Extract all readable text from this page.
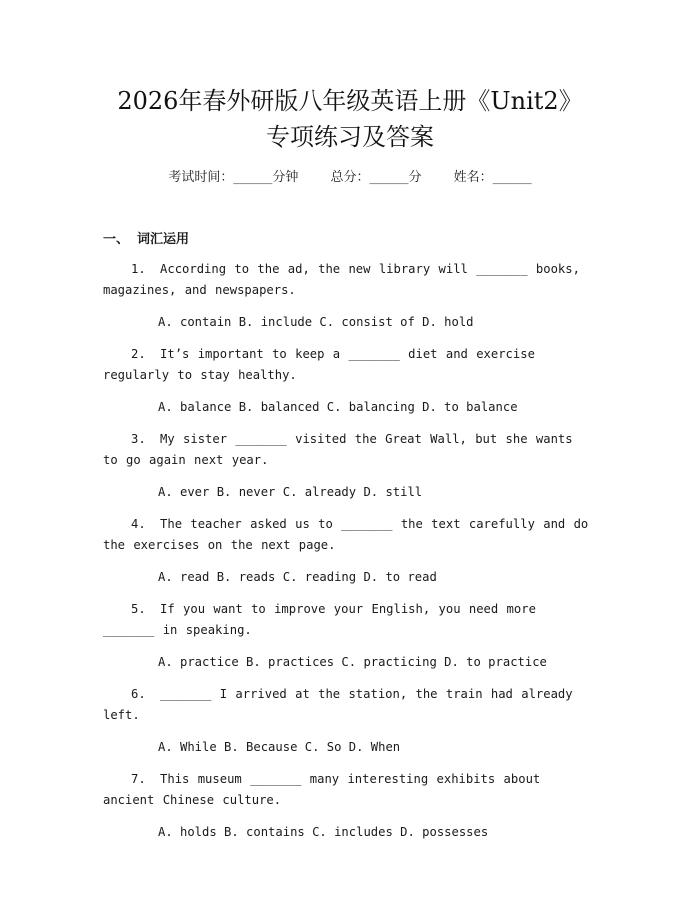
2026年春外研版八年级英语上册《Unit2》
专项练习及答案
考试时间：______分钟 总分：______分 姓名：______
一、 词汇运用

1. According to the ad, the new library will _______ books, magazines, and newspapers.

A. contain B. include C. consist of D. hold

2. It’s important to keep a _______ diet and exercise regularly to stay healthy.

A. balance B. balanced C. balancing D. to balance

3. My sister _______ visited the Great Wall, but she wants to go again next year.

A. ever B. never C. already D. still

4. The teacher asked us to _______ the text carefully and do the exercises on the next page.

A. read B. reads C. reading D. to read

5. If you want to improve your English, you need more _______ in speaking.

A. practice B. practices C. practicing D. to practice

6. _______ I arrived at the station, the train had already left.

A. While B. Because C. So D. When

7. This museum _______ many interesting exhibits about ancient Chinese culture.

A. holds B. contains C. includes D. possesses
